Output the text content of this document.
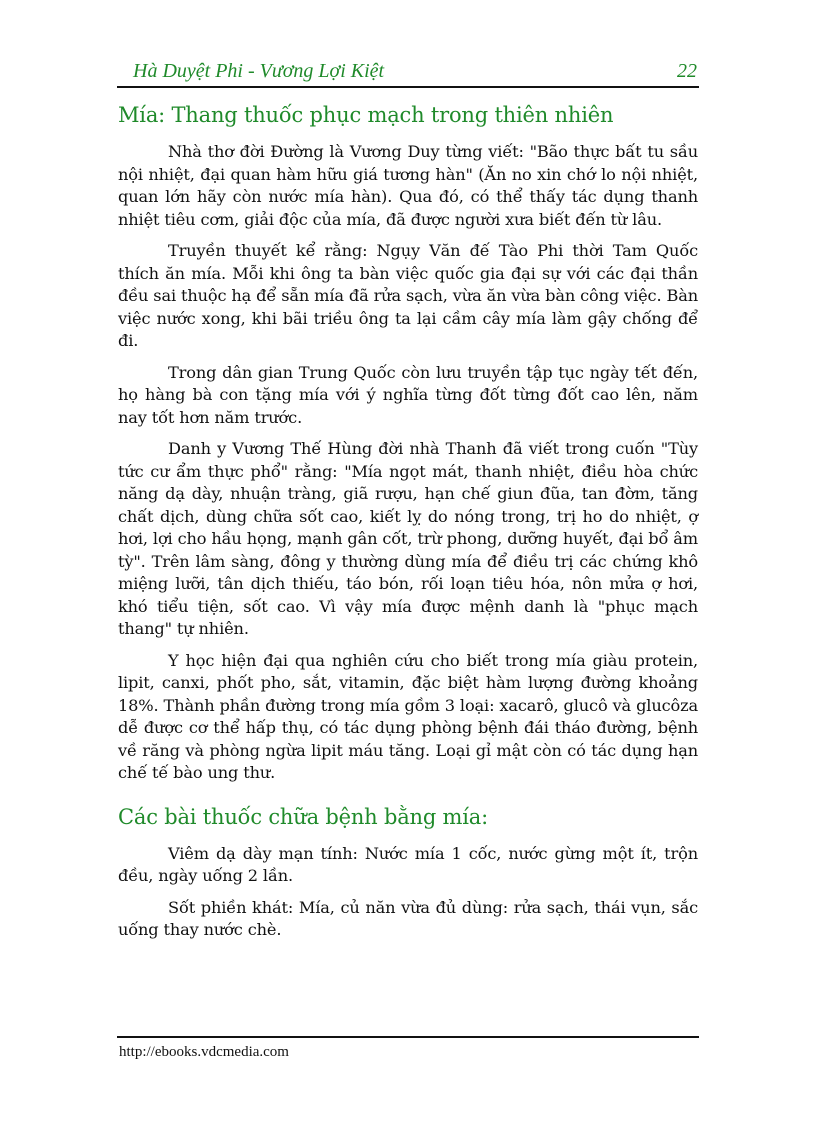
Hà Duyệt Phi - Vương Lợi Kiệt	22
Mía: Thang thuốc phục mạch trong thiên nhiên

Nhà thơ đời Đường là Vương Duy từng viết: "Bão thực bất tu sầu nội nhiệt, đại quan hàm hữu giá tương hàn" (Ăn no xin chớ lo nội nhiệt, quan lớn hãy còn nước mía hàn). Qua đó, có thể thấy tác dụng thanh nhiệt tiêu cơm, giải độc của mía, đã được người xưa biết đến từ lâu.

Truyền thuyết kể rằng: Ngụy Văn đế Tào Phi thời Tam Quốc thích ăn mía. Mỗi khi ông ta bàn việc quốc gia đại sự với các đại thần đều sai thuộc hạ để sẵn mía đã rửa sạch, vừa ăn vừa bàn công việc. Bàn việc nước xong, khi bãi triều ông ta lại cầm cây mía làm gậy chống để đi.

Trong dân gian Trung Quốc còn lưu truyền tập tục ngày tết đến, họ hàng bà con tặng mía với ý nghĩa từng đốt từng đốt cao lên, năm nay tốt hơn năm trước.

Danh y Vương Thế Hùng đời nhà Thanh đã viết trong cuốn "Tùy tức cư ẩm thực phổ" rằng: "Mía ngọt mát, thanh nhiệt, điều hòa chức năng dạ dày, nhuận tràng, giã rượu, hạn chế giun đũa, tan đờm, tăng chất dịch, dùng chữa sốt cao, kiết lỵ do nóng trong, trị ho do nhiệt, ợ hơi, lợi cho hầu họng, mạnh gân cốt, trừ phong, dưỡng huyết, đại bổ âm tỳ". Trên lâm sàng, đông y thường dùng mía để điều trị các chứng khô miệng lưỡi, tân dịch thiếu, táo bón, rối loạn tiêu hóa, nôn mửa ợ hơi, khó tiểu tiện, sốt cao. Vì vậy mía được mệnh danh là "phục mạch thang" tự nhiên.

Y học hiện đại qua nghiên cứu cho biết trong mía giàu protein, lipit, canxi, phốt pho, sắt, vitamin, đặc biệt hàm lượng đường khoảng 18%. Thành phần đường trong mía gồm 3 loại: xacarô, glucô và glucôza dễ được cơ thể hấp thụ, có tác dụng phòng bệnh đái tháo đường, bệnh về răng và phòng ngừa lipit máu tăng. Loại gỉ mật còn có tác dụng hạn chế tế bào ung thư.

Các bài thuốc chữa bệnh bằng mía:

Viêm dạ dày mạn tính: Nước mía 1 cốc, nước gừng một ít, trộn đều, ngày uống 2 lần.

Sốt phiền khát: Mía, củ năn vừa đủ dùng: rửa sạch, thái vụn, sắc uống thay nước chè.

http://ebooks.vdcmedia.com
